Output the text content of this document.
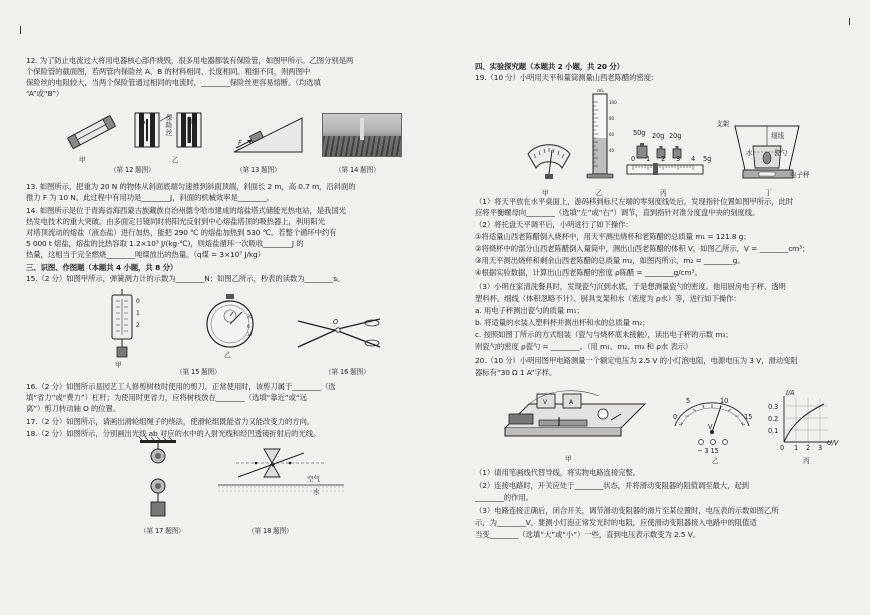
12. 为了防止电流过大将用电器核心部件烧毁，很多用电器都装有保险管，如图甲所示。乙图分别是两
个保险管的截面图，若两管内保险丝 A、B 的材料相同、长度相同、粗细不同，则两图中
保险丝的电阻较大，当两个保险管通过相同的电流时，________保险丝更容易熔断。（均选填
“A”或“B”）
甲
A	B
保险丝
乙
F
（第 12 题图）	（第 13 题图）	（第 14 题图）
13. 如图所示，把重为 20 N 的物体从斜面底端匀速推到斜面顶端，斜面长 2 m，高 0.7 m，沿斜面的
推力 F 为 10 N。此过程中有用功是________J，斜面的机械效率是________。
14. 如图所示是位于青海省海西蒙古族藏族自治州德令哈市建成的熔盐塔式储能光热电站，是我国光
热发电技术的重大突破。由多面定日镜同时将阳光反射到中心熔盐塔顶的吸热器上，利用阳光
对塔顶流动的熔盐（液态盐）进行加热，能把 290 ℃ 的熔盐加热到 530 ℃。若整个循环中约有
5 000 t 熔盐，熔盐的比热容取 1.2×10³ J/(kg·℃)，则熔盐循环一次吸收________J 的
热量，这相当于完全燃烧________吨煤放出的热量。（q煤 = 3×10⁷ J/kg）
三、识图、作图题（本题共 4 小题，共 8 分）
15.（2 分）如图甲所示，弹簧测力计的示数为________N；如图乙所示，秒表的读数为________s。
0
1
2
甲
35
6
37
乙
O
（第 15 题图）	（第 16 题图）
16.（2 分）如图所示是园艺工人修剪树枝时使用的剪刀，正常使用时，该剪刀属于________（选
填“省力”或“费力”）杠杆；为使用时更省力，应将树枝放在________（选填“靠近”或“远
离”）剪刀转动轴 O 的位置。
17.（2 分）如图所示，请画出滑轮组绳子的绕法，使滑轮组既能省力又能改变力的方向。
18.（2 分）如图所示，分别画出光线 ab 对应的水中的入射光线和经凹透镜折射后的光线。
空气
水
（第 17 题图）	（第 18 题图）
四、实验探究题（本题共 2 小题，共 20 分）
19.（10 分）小明用天平和量筒测量山西老陈醋的密度：
mL
100
80
60
40
50g 20g 20g
0 1 2 3 4 5g
支架
细线
水	瓷勺
电子秤
甲	乙	丙	丁
（1）将天平放在水平桌面上，游码移到标尺左端的零刻度线处后，发现指针位置如图甲所示，此时
应将平衡螺母向________（选填“左”或“右”）调节，直到指针对准分度盘中央的刻度线。
（2）将托盘天平调平后，小明进行了如下操作：
①将适量山西老陈醋倒入烧杯中，用天平测出烧杯和老陈醋的总质量 m₁ = 121.8 g；
②将烧杯中的部分山西老陈醋倒入量筒中，测出山西老陈醋的体积 V，如图乙所示，V = ________cm³；
③用天平测出烧杯和剩余山西老陈醋的总质量 m₂，如图丙所示，m₂ = ________g。
④根据实验数据，计算出山西老陈醋的密度 ρ陈醋 = ________g/cm³。
（3）小明在家清洗餐具时，发现瓷勺沉到水底，于是想测量瓷勺的密度。他用厨房电子秤、透明
塑料杯、细线（体积忽略不计）、厨具支架和水（密度为 ρ水）等，进行如下操作：
a. 用电子秤测出瓷勺的质量 m₁；
b. 将适量的水装入塑料杯并测出杯和水的总质量 m₂；
c. 按照如图丁所示的方式组装（瓷勺与烧杯底未接触），读出电子秤的示数 m₃；
则瓷勺的密度 ρ瓷勺 = ________。（用 m₁、m₂、m₃ 和 ρ水 表示）
20.（10 分）小明用图甲电路测量一个额定电压为 2.5 V 的小灯泡电阻，电源电压为 3 V，滑动变阻
器标有“30 Ω 1 A”字样。
V	A
0
5	10
15
V
− 3 15
I/A
0.3
0.2
0.1
0 1 2 3
U/V
甲	乙	丙
（1）请用笔画线代替导线，将实物电路连接完整。
（2）连接电路时，开关应处于________状态，并将滑动变阻器的阻值调至最大，起到
________的作用。
（3）电路连接正确后，闭合开关，调节滑动变阻器的滑片至某位置时，电压表的示数如图乙所
示，为________V，要测小灯泡正常发光时的电阻，应使滑动变阻器接入电路中的阻值适
当变________（选填“大”或“小”）一些，直到电压表示数变为 2.5 V。
